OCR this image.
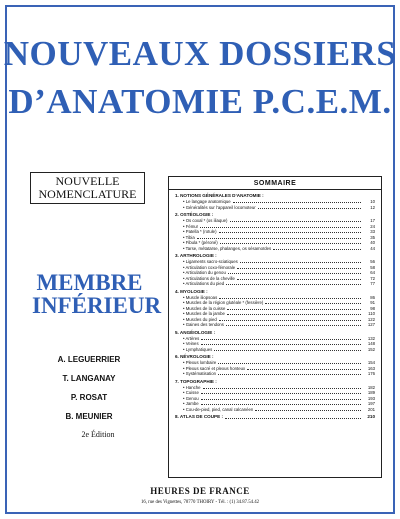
NOUVEAUX DOSSIERS
D’ANATOMIE P.C.E.M.
NOUVELLE
NOMENCLATURE
MEMBRE
INFÉRIEUR
A. LEGUERRIER
T. LANGANAY
P. ROSAT
B. MEUNIER
2e Édition
SOMMAIRE
1. NOTIONS GÉNÉRALES D’ANATOMIE :
• Le langage anatomique	10
• Généralités sur l’appareil locomoteur	12
2. OSTÉOLOGIE :
• Os coxal * (os iliaque)	17
• Fémur	24
• Patella * (rotule)	33
• Tibia	35
• Fibula * (péroné)	40
• Tarse, métatarse, phalanges, os sésamoïdes	44
3. ARTHROLOGIE :
• Ligaments sacro-sciatiques	56
• Articulation coxo-fémorale	58
• Articulation du genou	64
• Articulations de la cheville	72
• Articulations du pied	77
4. MYOLOGIE :
• Muscle iliopsoas	86
• Muscles de la région glutéale * (fessière)	91
• Muscles de la cuisse	98
• Muscles de la jambe	110
• Muscles du pied	122
• Gaines des tendons	127
5. ANGÉIOLOGIE :
• Artères	132
• Veines	148
• Lymphatiques	152
6. NÉVROLOGIE :
• Plexus lombaire	154
• Plexus sacré et plexus honteux	163
• Systématisation	176
7. TOPOGRAPHIE :
• Hanche	182
• Cuisse	189
• Genou	193
• Jambe	197
• Cou-de-pied, pied, canal calcanéen	201
8. ATLAS DE COUPE :	210
HEURES DE FRANCE
16, rue des Vignettes, 78770 THOIRY - Tél. : (1) 34.87.54.42
